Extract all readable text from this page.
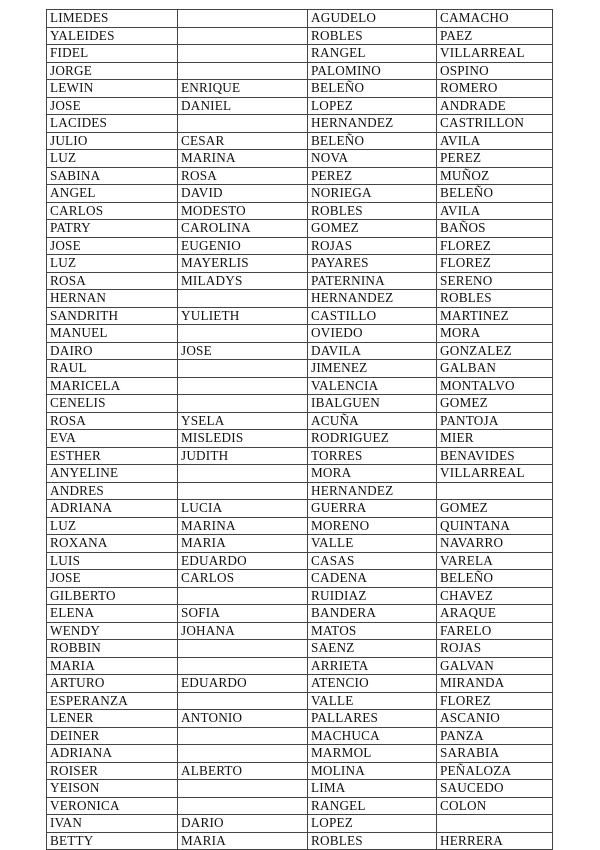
LIMEDES		AGUDELO	CAMACHO
YALEIDES		ROBLES	PAEZ
FIDEL		RANGEL	VILLARREAL
JORGE		PALOMINO	OSPINO
LEWIN	ENRIQUE	BELEÑO	ROMERO
JOSE	DANIEL	LOPEZ	ANDRADE
LACIDES		HERNANDEZ	CASTRILLON
JULIO	CESAR	BELEÑO	AVILA
LUZ	MARINA	NOVA	PEREZ
SABINA	ROSA	PEREZ	MUÑOZ
ANGEL	DAVID	NORIEGA	BELEÑO
CARLOS	MODESTO	ROBLES	AVILA
PATRY	CAROLINA	GOMEZ	BAÑOS
JOSE	EUGENIO	ROJAS	FLOREZ
LUZ	MAYERLIS	PAYARES	FLOREZ
ROSA	MILADYS	PATERNINA	SERENO
HERNAN		HERNANDEZ	ROBLES
SANDRITH	YULIETH	CASTILLO	MARTINEZ
MANUEL		OVIEDO	MORA
DAIRO	JOSE	DAVILA	GONZALEZ
RAUL		JIMENEZ	GALBAN
MARICELA		VALENCIA	MONTALVO
CENELIS		IBALGUEN	GOMEZ
ROSA	YSELA	ACUÑA	PANTOJA
EVA	MISLEDIS	RODRIGUEZ	MIER
ESTHER	JUDITH	TORRES	BENAVIDES
ANYELINE		MORA	VILLARREAL
ANDRES		HERNANDEZ	
ADRIANA	LUCIA	GUERRA	GOMEZ
LUZ	MARINA	MORENO	QUINTANA
ROXANA	MARIA	VALLE	NAVARRO
LUIS	EDUARDO	CASAS	VARELA
JOSE	CARLOS	CADENA	BELEÑO
GILBERTO		RUIDIAZ	CHAVEZ
ELENA	SOFIA	BANDERA	ARAQUE
WENDY	JOHANA	MATOS	FARELO
ROBBIN		SAENZ	ROJAS
MARIA		ARRIETA	GALVAN
ARTURO	EDUARDO	ATENCIO	MIRANDA
ESPERANZA		VALLE	FLOREZ
LENER	ANTONIO	PALLARES	ASCANIO
DEINER		MACHUCA	PANZA
ADRIANA		MARMOL	SARABIA
ROISER	ALBERTO	MOLINA	PEÑALOZA
YEISON		LIMA	SAUCEDO
VERONICA		RANGEL	COLON
IVAN	DARIO	LOPEZ	
BETTY	MARIA	ROBLES	HERRERA
